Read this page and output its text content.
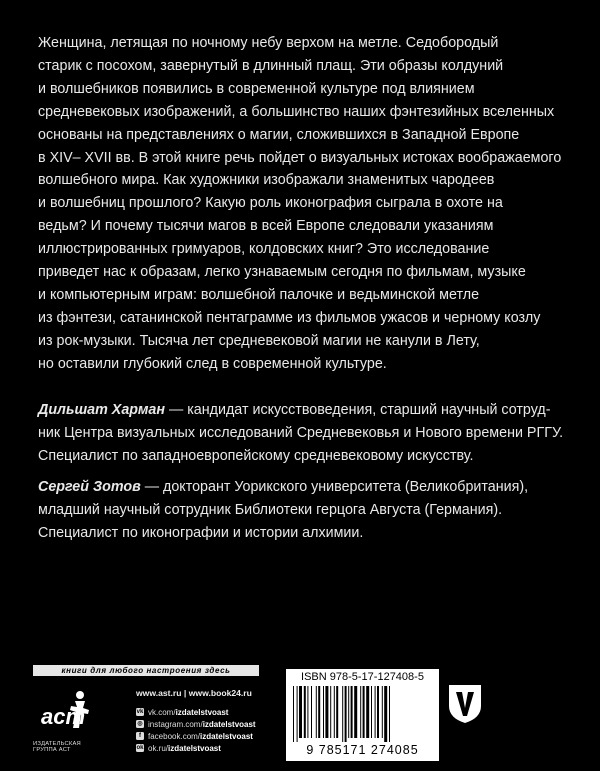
Женщина, летящая по ночному небу верхом на метле. Седобородый
старик с посохом, завернутый в длинный плащ. Эти образы колдуний
и волшебников появились в современной культуре под влиянием
средневековых изображений, а большинство наших фэнтезийных вселенных
основаны на представлениях о магии, сложившихся в Западной Европе
в XIV– XVII вв. В этой книге речь пойдет о визуальных истоках воображаемого
волшебного мира. Как художники изображали знаменитых чародеев
и волшебниц прошлого? Какую роль иконография сыграла в охоте на
ведьм? И почему тысячи магов в всей Европе следовали указаниям
иллюстрированных гримуаров, колдовских книг? Это исследование
приведет нас к образам, легко узнаваемым сегодня по фильмам, музыке
и компьютерным играм: волшебной палочке и ведьминской метле
из фэнтези, сатанинской пентаграмме из фильмов ужасов и черному козлу
из рок-музыки. Тысяча лет средневековой магии не канули в Лету,
но оставили глубокий след в современной культуре.
Дильшат Харман — кандидат искусствоведения, старший научный сотруд-
ник Центра визуальных исследований Средневековья и Нового времени РГГУ.
Специалист по западноевропейскому средневековому искусству.
Сергей Зотов — докторант Уорикского университета (Великобритания),
младший научный сотрудник Библиотеки герцога Августа (Германия).
Специалист по иконографии и истории алхимии.
книги для любого настроения здесь
аст
ИЗДАТЕЛЬСКАЯ ГРУППА АСТ
www.ast.ru | www.book24.ru
vk vk.com/ izdatelstvoast
◎ instagram.com/ izdatelstvoast
f facebook.com/ izdatelstvoast
ok ok.ru/ izdatelstvoast
ISBN 978-5-17-127408-5
9 785171 274085
